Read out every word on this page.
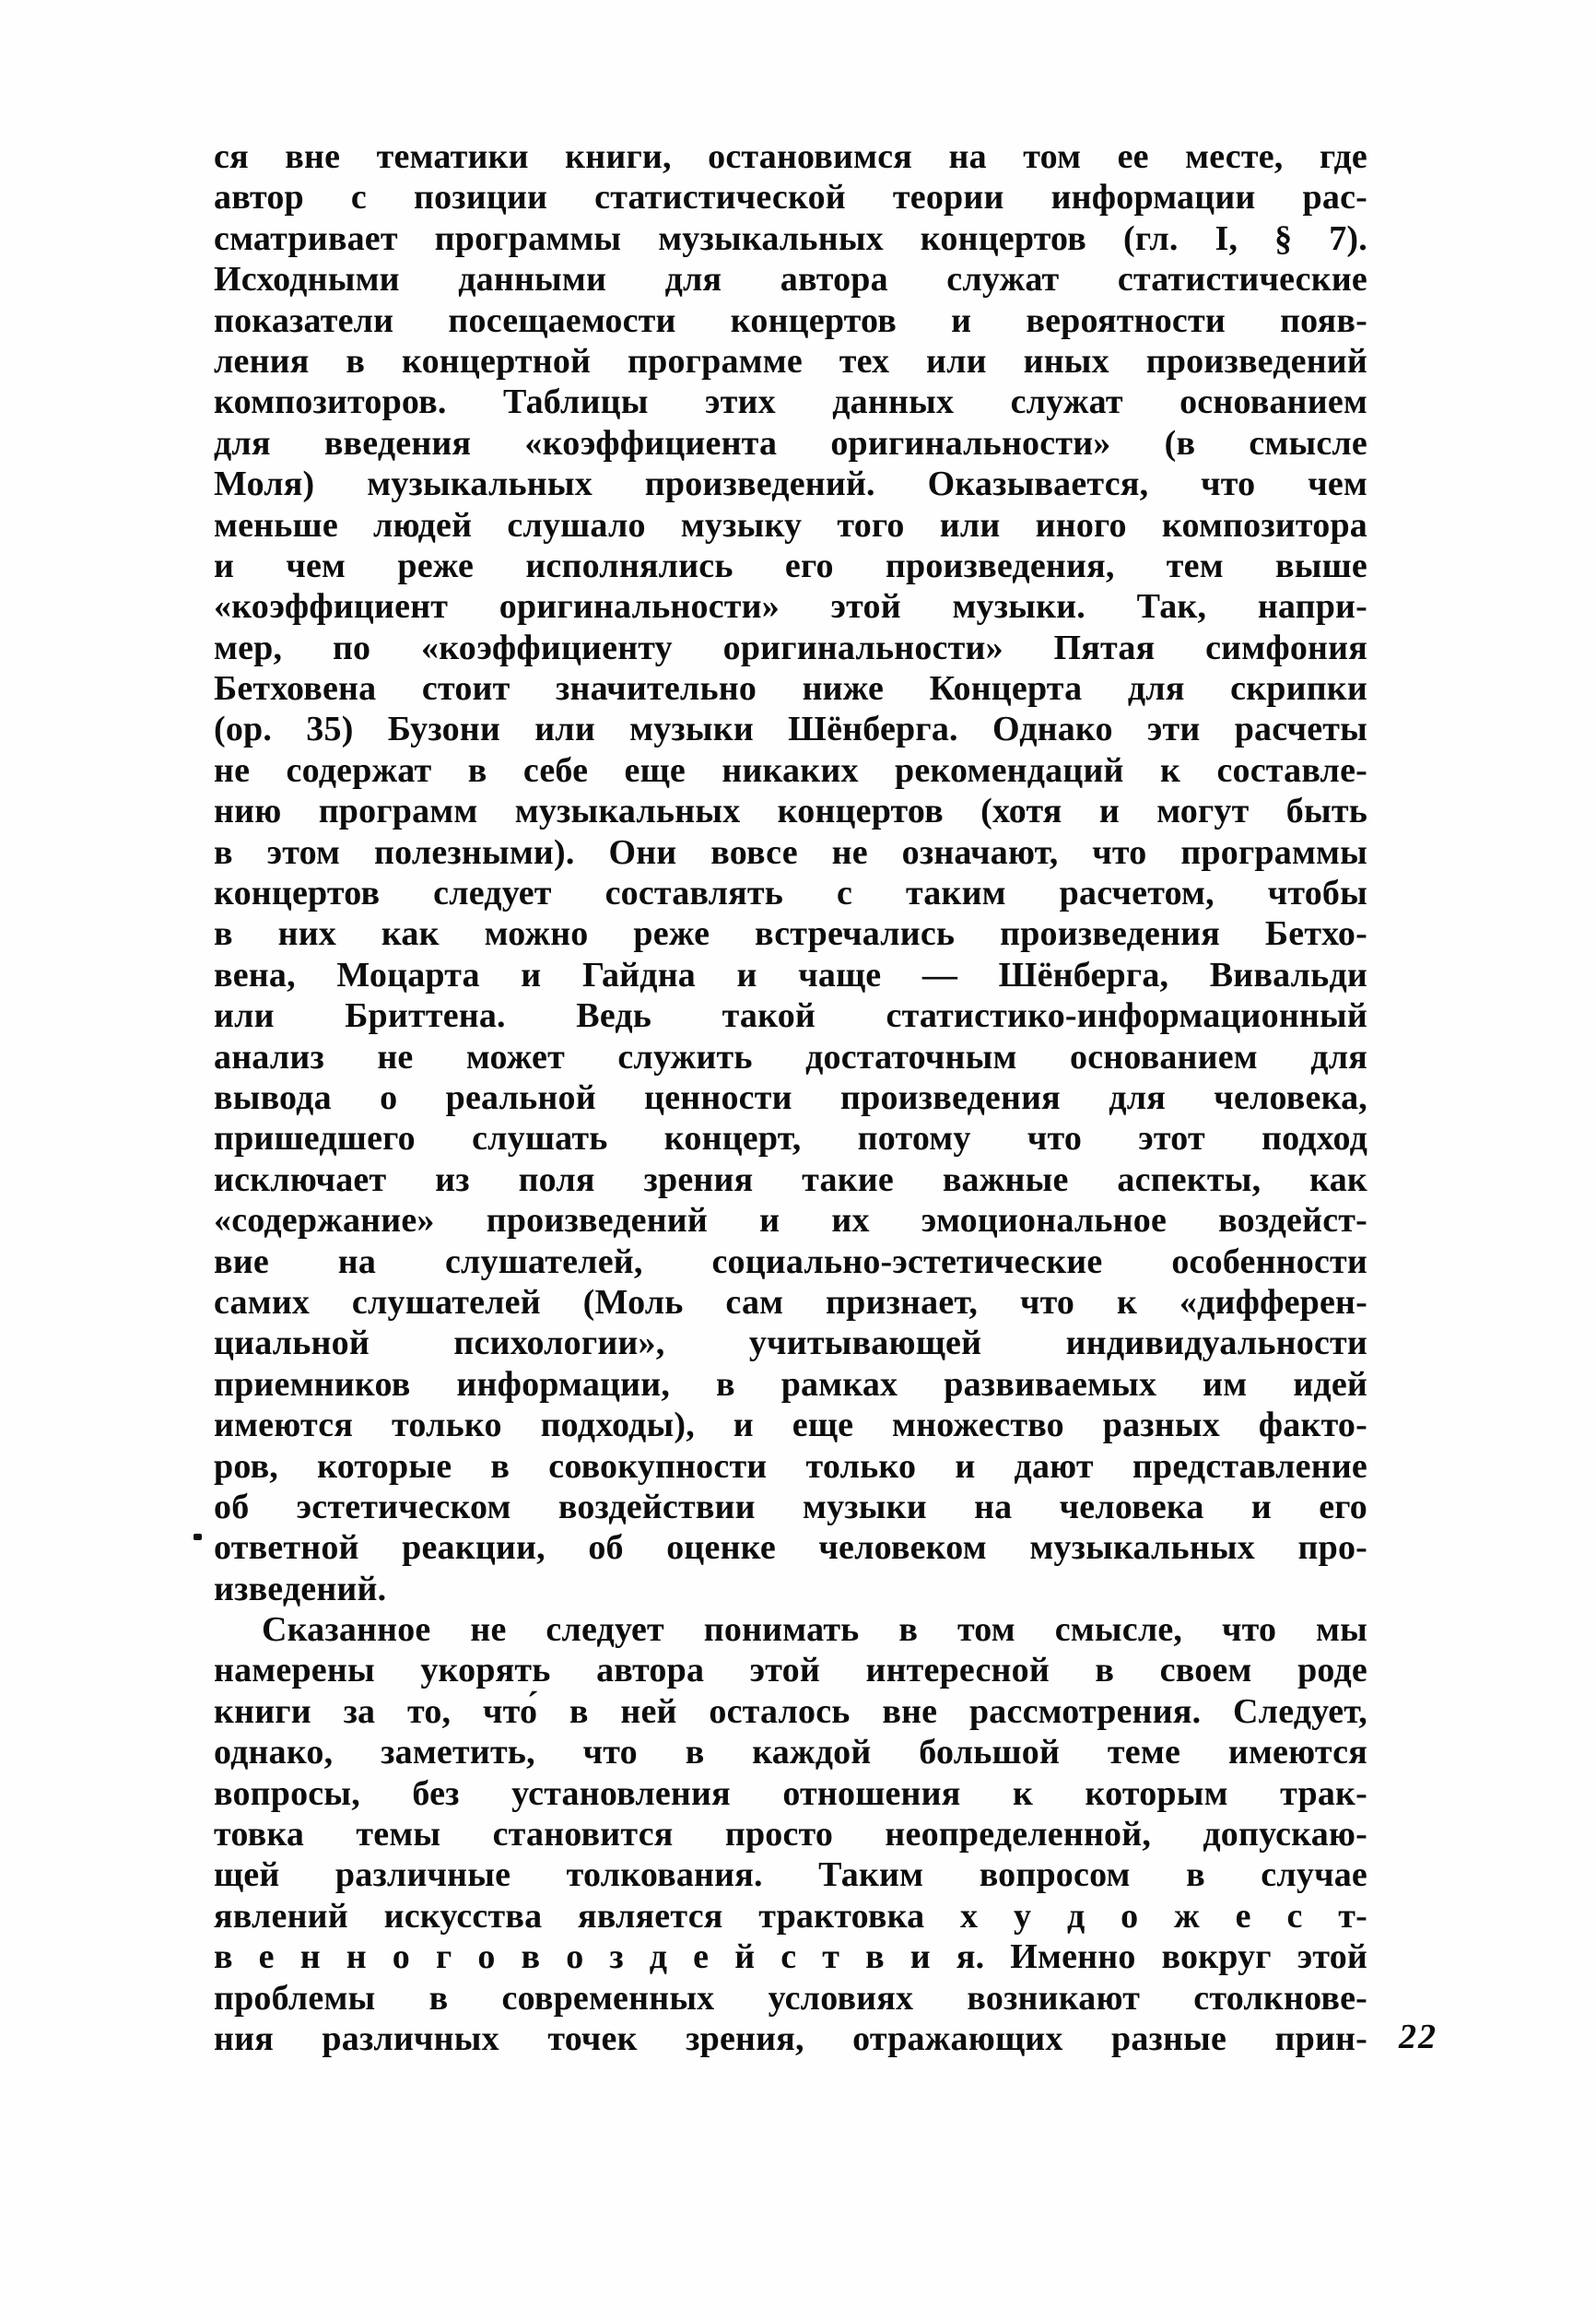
ся вне тематики книги, остановимся на том ее месте, где
автор с позиции статистической теории информации рас-
сматривает программы музыкальных концертов (гл. I, § 7).
Исходными данными для автора служат статистические
показатели посещаемости концертов и вероятности появ-
ления в концертной программе тех или иных произведений
композиторов. Таблицы этих данных служат основанием
для введения «коэффициента оригинальности» (в смысле
Моля) музыкальных произведений. Оказывается, что чем
меньше людей слушало музыку того или иного композитора
и чем реже исполнялись его произведения, тем выше
«коэффициент оригинальности» этой музыки. Так, напри-
мер, по «коэффициенту оригинальности» Пятая симфония
Бетховена стоит значительно ниже Концерта для скрипки
(ор. 35) Бузони или музыки Шёнберга. Однако эти расчеты
не содержат в себе еще никаких рекомендаций к составле-
нию программ музыкальных концертов (хотя и могут быть
в этом полезными). Они вовсе не означают, что программы
концертов следует составлять с таким расчетом, чтобы
в них как можно реже встречались произведения Бетхо-
вена, Моцарта и Гайдна и чаще — Шёнберга, Вивальди
или Бриттена. Ведь такой статистико-информационный
анализ не может служить достаточным основанием для
вывода о реальной ценности произведения для человека,
пришедшего слушать концерт, потому что этот подход
исключает из поля зрения такие важные аспекты, как
«содержание» произведений и их эмоциональное воздейст-
вие на слушателей, социально-эстетические особенности
самих слушателей (Моль сам признает, что к «дифферен-
циальной психологии», учитывающей индивидуальности
приемников информации, в рамках развиваемых им идей
имеются только подходы), и еще множество разных факто-
ров, которые в совокупности только и дают представление
об эстетическом воздействии музыки на человека и его
ответной реакции, об оценке человеком музыкальных про-
изведений.
Сказанное не следует понимать в том смысле, что мы
намерены укорять автора этой интересной в своем роде
книги за то, что́ в ней осталось вне рассмотрения. Следует,
однако, заметить, что в каждой большой теме имеются
вопросы, без установления отношения к которым трак-
товка темы становится просто неопределенной, допускаю-
щей различные толкования. Таким вопросом в случае
явлений искусства является трактовка х у д о ж е с т-
в е н н о г о в о з д е й с т в и я. Именно вокруг этой
проблемы в современных условиях возникают столкнове-
ния различных точек зрения, отражающих разные прин- 22
